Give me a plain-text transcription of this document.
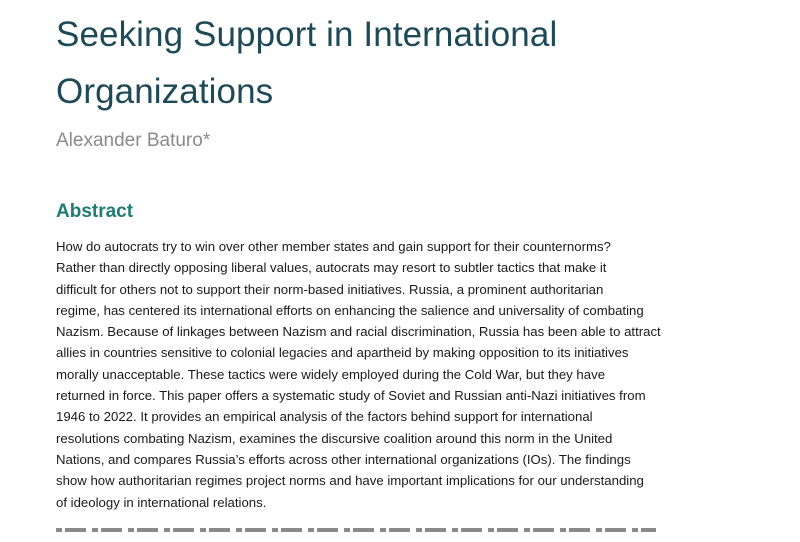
Seeking Support in International
Organizations

Alexander Baturo*

Abstract
How do autocrats try to win over other member states and gain support for their counternorms?
Rather than directly opposing liberal values, autocrats may resort to subtler tactics that make it
difficult for others not to support their norm-based initiatives. Russia, a prominent authoritarian
regime, has centered its international efforts on enhancing the salience and universality of combating
Nazism. Because of linkages between Nazism and racial discrimination, Russia has been able to attract
allies in countries sensitive to colonial legacies and apartheid by making opposition to its initiatives
morally unacceptable. These tactics were widely employed during the Cold War, but they have
returned in force. This paper offers a systematic study of Soviet and Russian anti-Nazi initiatives from
1946 to 2022. It provides an empirical analysis of the factors behind support for international
resolutions combating Nazism, examines the discursive coalition around this norm in the United
Nations, and compares Russia’s efforts across other international organizations (IOs). The findings
show how authoritarian regimes project norms and have important implications for our understanding
of ideology in international relations.
